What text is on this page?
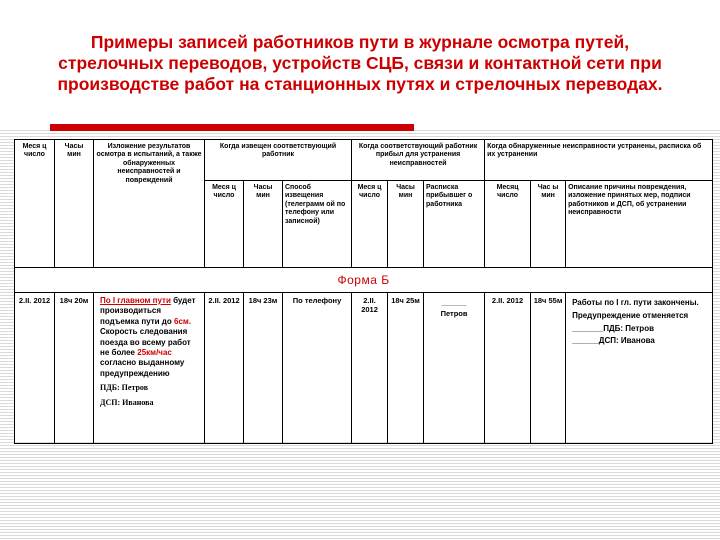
Примеры записей работников пути в журнале осмотра путей, стрелочных переводов, устройств СЦБ, связи и контактной сети при производстве работ на станционных путях и стрелочных переводах.
Меся ц число	Часы мин	Изложение результатов осмотра в испытаний, а также обнаруженных неисправностей и повреждений	Когда извещен соответствующий работник			Когда соответствующий работник прибыл для устранения неисправностей			Когда обнаруженные неисправности устранены, расписка об их устранении		
			Меся ц число	Часы мин	Способ извещения (телеграмм ой по телефону или записной)	Меся ц число	Часы мин	Расписка прибывшег о работника	Месяц число	Час ы мин	Описание причины повреждения, изложение принятых мер, подписи работников и ДСП, об устранении неисправности
Форма Б											
2.II. 2012	18ч 20м	По I главном пути будет производиться подъемка пути до 6см. Скорость следования поезда во всему работ не более 25км/час согласно выданному предупреждению
ПДБ: Петров
ДСП: Иванова	2.II. 2012	18ч 23м	По телефону	2.II. 2012	18ч 25м	______
Петров	2.II. 2012	18ч 55м	Работы по I гл. пути закончены.
Предупреждение отменяется
_______ПДБ: Петров
______ДСП: Иванова
